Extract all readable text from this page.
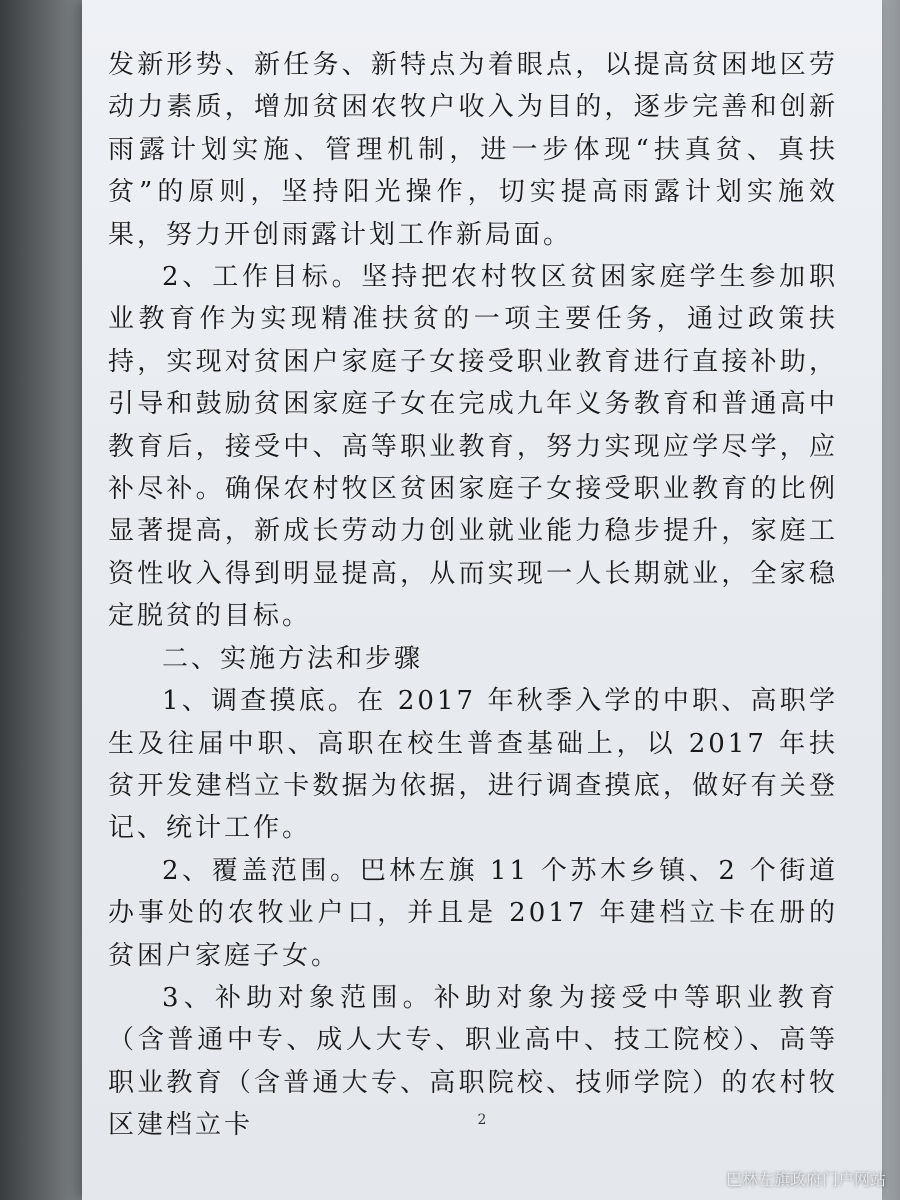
发新形势、新任务、新特点为着眼点，以提高贫困地区劳动力素质，增加贫困农牧户收入为目的，逐步完善和创新雨露计划实施、管理机制，进一步体现“扶真贫、真扶贫”的原则，坚持阳光操作，切实提高雨露计划实施效果，努力开创雨露计划工作新局面。

2、工作目标。坚持把农村牧区贫困家庭学生参加职业教育作为实现精准扶贫的一项主要任务，通过政策扶持，实现对贫困户家庭子女接受职业教育进行直接补助，引导和鼓励贫困家庭子女在完成九年义务教育和普通高中教育后，接受中、高等职业教育，努力实现应学尽学，应补尽补。确保农村牧区贫困家庭子女接受职业教育的比例显著提高，新成长劳动力创业就业能力稳步提升，家庭工资性收入得到明显提高，从而实现一人长期就业，全家稳定脱贫的目标。

二、实施方法和步骤

1、调查摸底。在 2017 年秋季入学的中职、高职学生及往届中职、高职在校生普查基础上，以 2017 年扶贫开发建档立卡数据为依据，进行调查摸底，做好有关登记、统计工作。

2、覆盖范围。巴林左旗 11 个苏木乡镇、2 个街道办事处的农牧业户口，并且是 2017 年建档立卡在册的贫困户家庭子女。

3、补助对象范围。补助对象为接受中等职业教育（含普通中专、成人大专、职业高中、技工院校）、高等职业教育（含普通大专、高职院校、技师学院）的农村牧区建档立卡	2
巴林左旗政府门户网站
